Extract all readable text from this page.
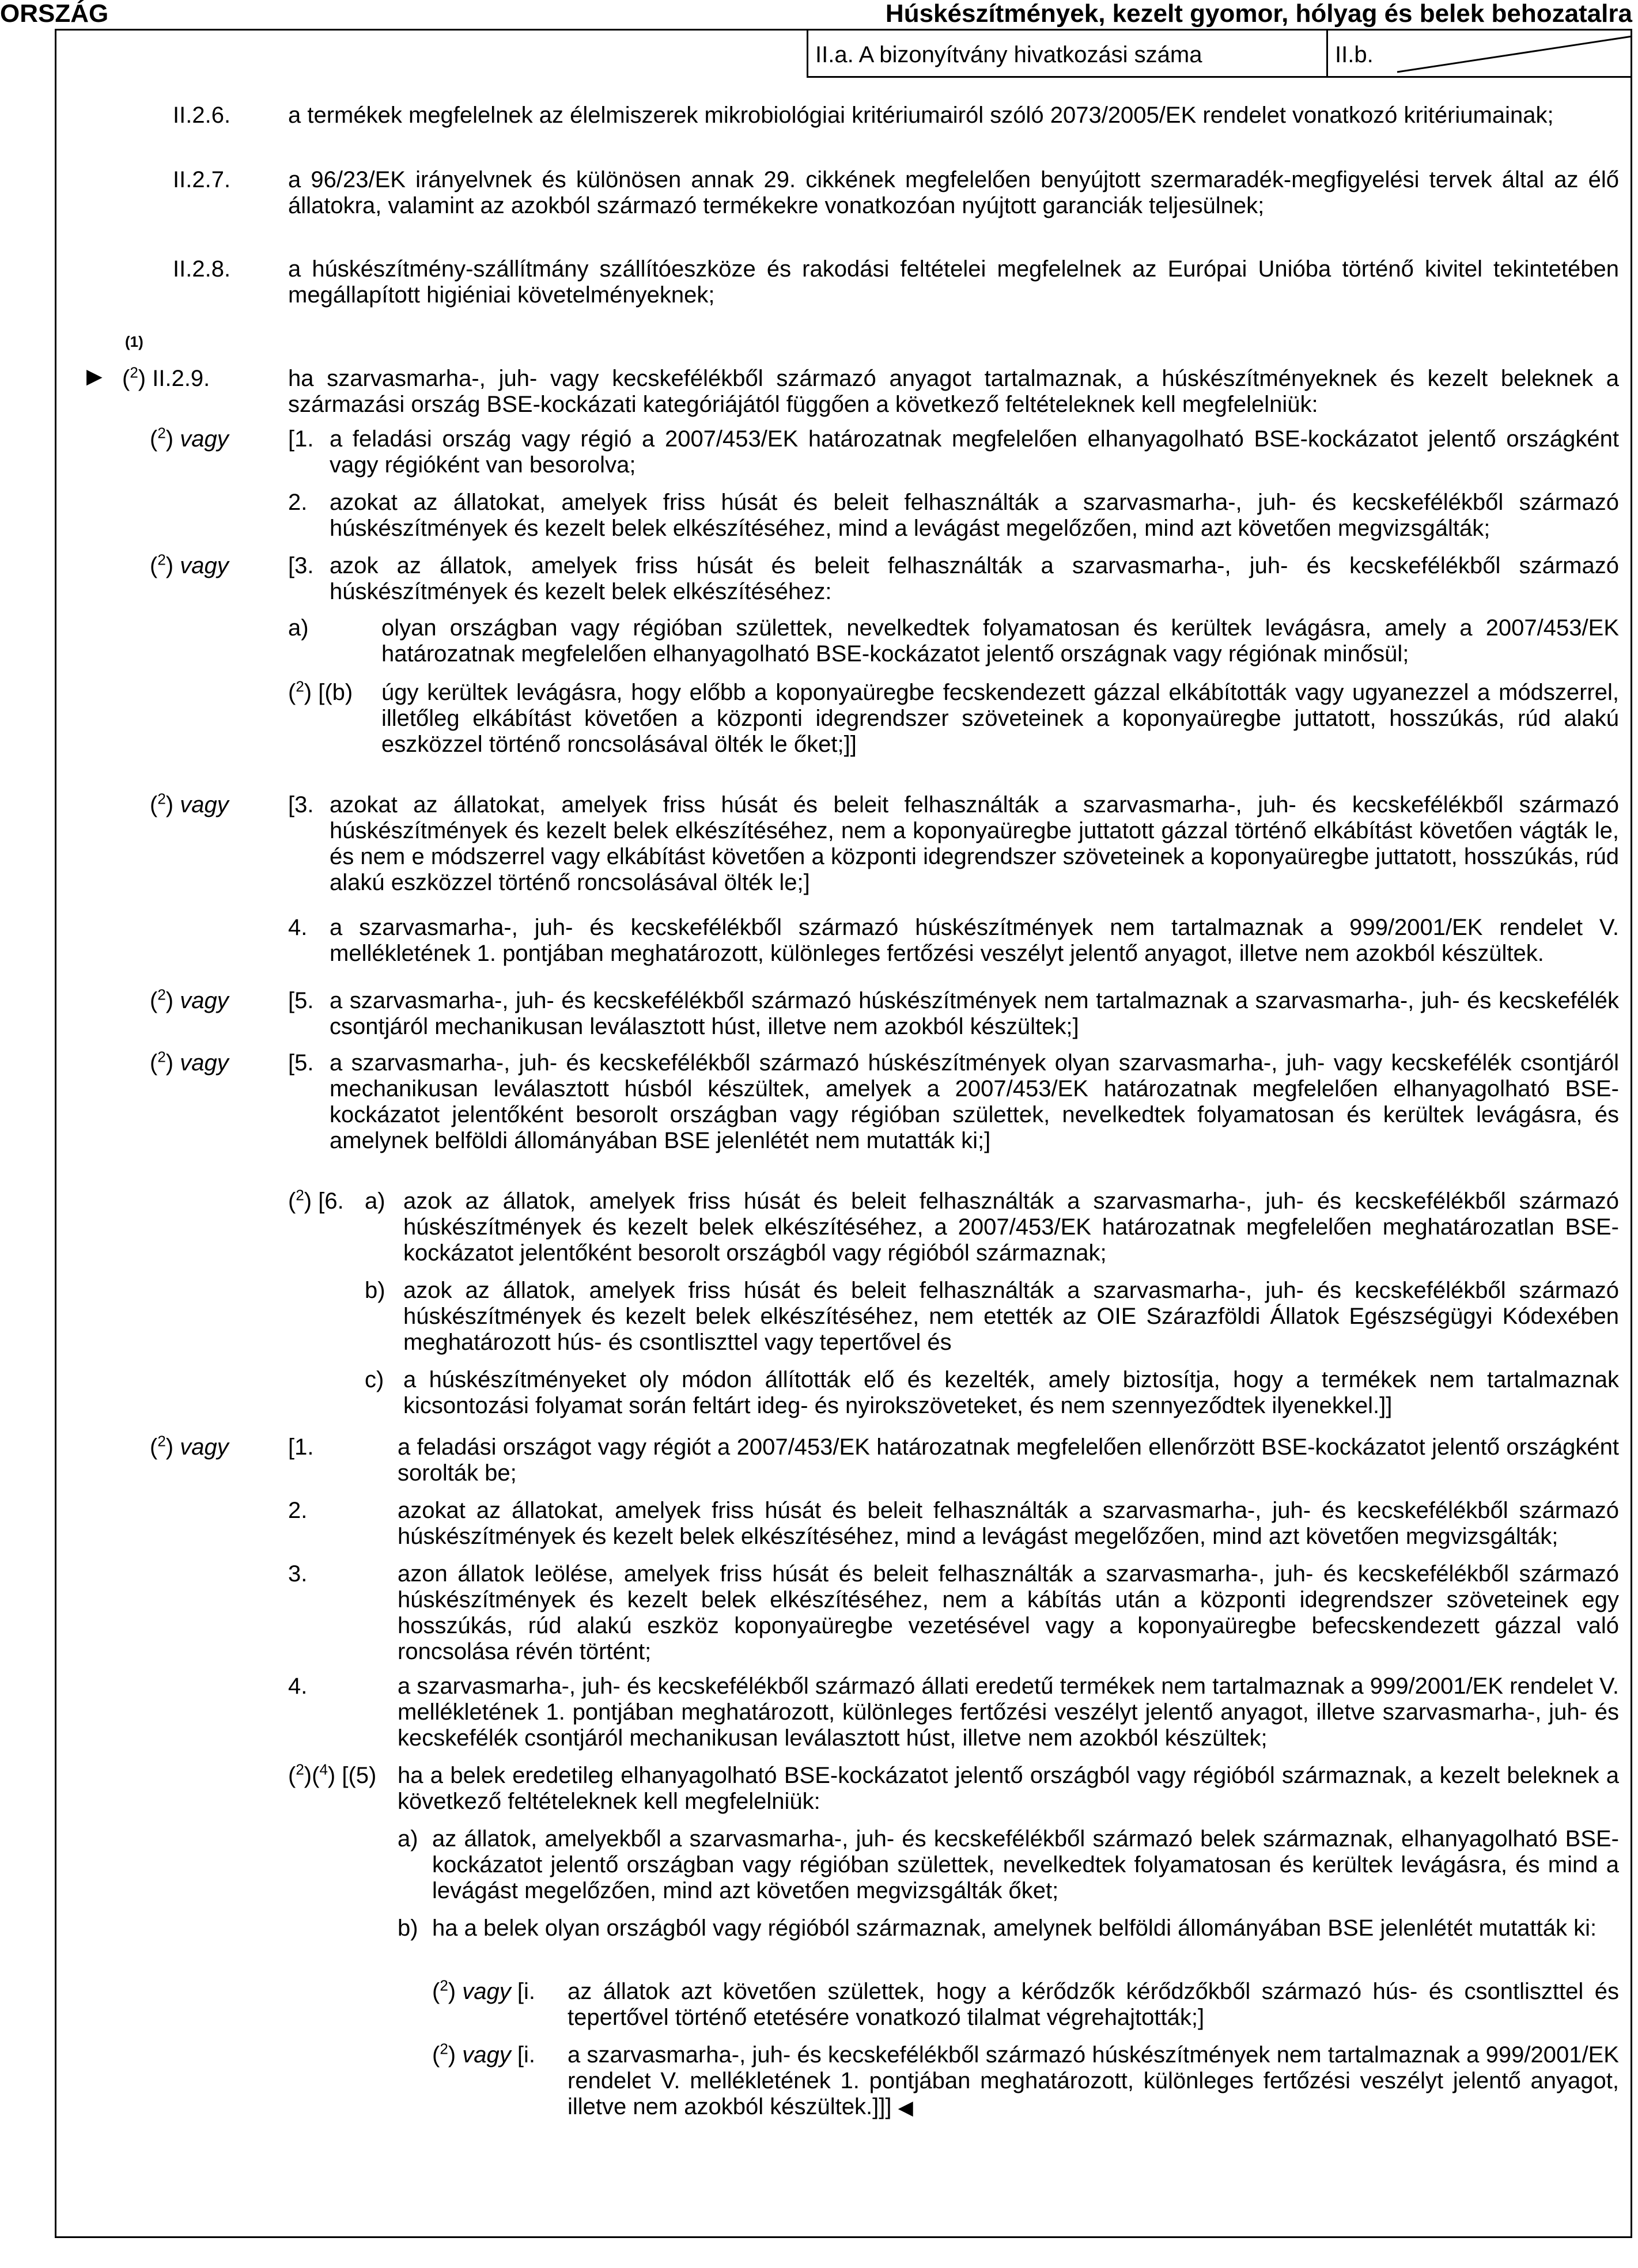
ORSZÁG	Húskészítmények, kezelt gyomor, hólyag és belek behozatalra
II.a. A bizonyítvány hivatkozási száma	II.b.
II.2.6. a termékek megfelelnek az élelmiszerek mikrobiológiai kritériumairól szóló 2073/2005/EK rendelet vonatkozó kritériumainak;
II.2.7. a 96/23/EK irányelvnek és különösen annak 29. cikkének megfelelően benyújtott szermaradék-megfigyelési tervek által az élő állatokra, valamint az azokból származó termékekre vonatkozóan nyújtott garanciák teljesülnek;
II.2.8. a húskészítmény-szállítmány szállítóeszköze és rakodási feltételei megfelelnek az Európai Unióba történő kivitel tekintetében megállapított higiéniai követelményeknek;
(1)
▶ ($^2$) II.2.9.	ha szarvasmarha-, juh- vagy kecskefélékből származó anyagot tartalmaznak, a húskészítményeknek és kezelt beleknek a származási ország BSE-kockázati kategóriájától függően a következő feltételeknek kell megfelelniük:
($^2$) vagy	[1. a feladási ország vagy régió a 2007/453/EK határozatnak megfelelően elhanyagolható BSE-kockázatot jelentő országként vagy régióként van besorolva;
2. azokat az állatokat, amelyek friss húsát és beleit felhasználták a szarvasmarha-, juh- és kecskefélékből származó húskészítmények és kezelt belek elkészítéséhez, mind a levágást megelőzően, mind azt követően megvizsgálták;
($^2$) vagy	[3. azok az állatok, amelyek friss húsát és beleit felhasználták a szarvasmarha-, juh- és kecskefélékből származó húskészítmények és kezelt belek elkészítéséhez:
a)	olyan országban vagy régióban születtek, nevelkedtek folyamatosan és kerültek levágásra, amely a 2007/453/EK határozatnak megfelelően elhanyagolható BSE-kockázatot jelentő országnak vagy régiónak minősül;
($^2$) [(b) úgy kerültek levágásra, hogy előbb a koponyaüregbe fecskendezett gázzal elkábították vagy ugyanezzel a módszerrel, illetőleg elkábítást követően a központi idegrendszer szöveteinek a koponyaüregbe juttatott, hosszúkás, rúd alakú eszközzel történő roncsolásával ölték le őket;]]
($^2$) vagy	[3. azokat az állatokat, amelyek friss húsát és beleit felhasználták a szarvasmarha-, juh- és kecskefélékből származó húskészítmények és kezelt belek elkészítéséhez, nem a koponyaüregbe juttatott gázzal történő elkábítást követően vágták le, és nem e módszerrel vagy elkábítást követően a központi idegrendszer szöveteinek a koponyaüregbe juttatott, hosszúkás, rúd alakú eszközzel történő roncsolásával ölték le;]
4. a szarvasmarha-, juh- és kecskefélékből származó húskészítmények nem tartalmaznak a 999/2001/EK rendelet V. mellékletének 1. pontjában meghatározott, különleges fertőzési veszélyt jelentő anyagot, illetve nem azokból készültek.
($^2$) vagy	[5. a szarvasmarha-, juh- és kecskefélékből származó húskészítmények nem tartalmaznak a szarvasmarha-, juh- és kecskefélék csontjáról mechanikusan leválasztott húst, illetve nem azokból készültek;]
($^2$) vagy	[5. a szarvasmarha-, juh- és kecskefélékből származó húskészítmények olyan szarvasmarha-, juh- vagy kecskefélék csontjáról mechanikusan leválasztott húsból készültek, amelyek a 2007/453/EK határozatnak megfelelően elhanyagolható BSE-kockázatot jelentőként besorolt országban vagy régióban születtek, nevelkedtek folyamatosan és kerültek levágásra, és amelynek belföldi állományában BSE jelenlétét nem mutatták ki;]
($^2$) [6. a) azok az állatok, amelyek friss húsát és beleit felhasználták a szarvasmarha-, juh- és kecskefélékből származó húskészítmények és kezelt belek elkészítéséhez, a 2007/453/EK határozatnak megfelelően meghatározatlan BSE-kockázatot jelentőként besorolt országból vagy régióból származnak;
b) azok az állatok, amelyek friss húsát és beleit felhasználták a szarvasmarha-, juh- és kecskefélékből származó húskészítmények és kezelt belek elkészítéséhez, nem etették az OIE Szárazföldi Állatok Egészségügyi Kódexében meghatározott hús- és csontliszttel vagy tepertővel és
c) a húskészítményeket oly módon állították elő és kezelték, amely biztosítja, hogy a termékek nem tartalmaznak kicsontozási folyamat során feltárt ideg- és nyirokszöveteket, és nem szennyeződtek ilyenekkel.]]
($^2$) vagy	[1.	a feladási országot vagy régiót a 2007/453/EK határozatnak megfelelően ellenőrzött BSE-kockázatot jelentő országként sorolták be;
2.	azokat az állatokat, amelyek friss húsát és beleit felhasználták a szarvasmarha-, juh- és kecskefélékből származó húskészítmények és kezelt belek elkészítéséhez, mind a levágást megelőzően, mind azt követően megvizsgálták;
3.	azon állatok leölése, amelyek friss húsát és beleit felhasználták a szarvasmarha-, juh- és kecskefélékből származó húskészítmények és kezelt belek elkészítéséhez, nem a kábítás után a központi idegrendszer szöveteinek egy hosszúkás, rúd alakú eszköz koponyaüregbe vezetésével vagy a koponyaüregbe befecskendezett gázzal való roncsolása révén történt;
4.	a szarvasmarha-, juh- és kecskefélékből származó állati eredetű termékek nem tartalmaznak a 999/2001/EK rendelet V. mellékletének 1. pontjában meghatározott, különleges fertőzési veszélyt jelentő anyagot, illetve szarvasmarha-, juh- és kecskefélék csontjáról mechanikusan leválasztott húst, illetve nem azokból készültek;
($^2$)($^4$) [(5) ha a belek eredetileg elhanyagolható BSE-kockázatot jelentő országból vagy régióból származnak, a kezelt beleknek a következő feltételeknek kell megfelelniük:
a) az állatok, amelyekből a szarvasmarha-, juh- és kecskefélékből származó belek származnak, elhanyagolható BSE-kockázatot jelentő országban vagy régióban születtek, nevelkedtek folyamatosan és kerültek levágásra, és mind a levágást megelőzően, mind azt követően megvizsgálták őket;
b) ha a belek olyan országból vagy régióból származnak, amelynek belföldi állományában BSE jelenlétét mutatták ki:
($^2$) vagy [i. az állatok azt követően születtek, hogy a kérődzők kérődzőkből származó hús- és csontliszttel és tepertővel történő etetésére vonatkozó tilalmat végrehajtották;]
($^2$) vagy [i. a szarvasmarha-, juh- és kecskefélékből származó húskészítmények nem tartalmaznak a 999/2001/EK rendelet V. mellékletének 1. pontjában meghatározott, különleges fertőzési veszélyt jelentő anyagot, illetve nem azokból készültek.]]] ◀
